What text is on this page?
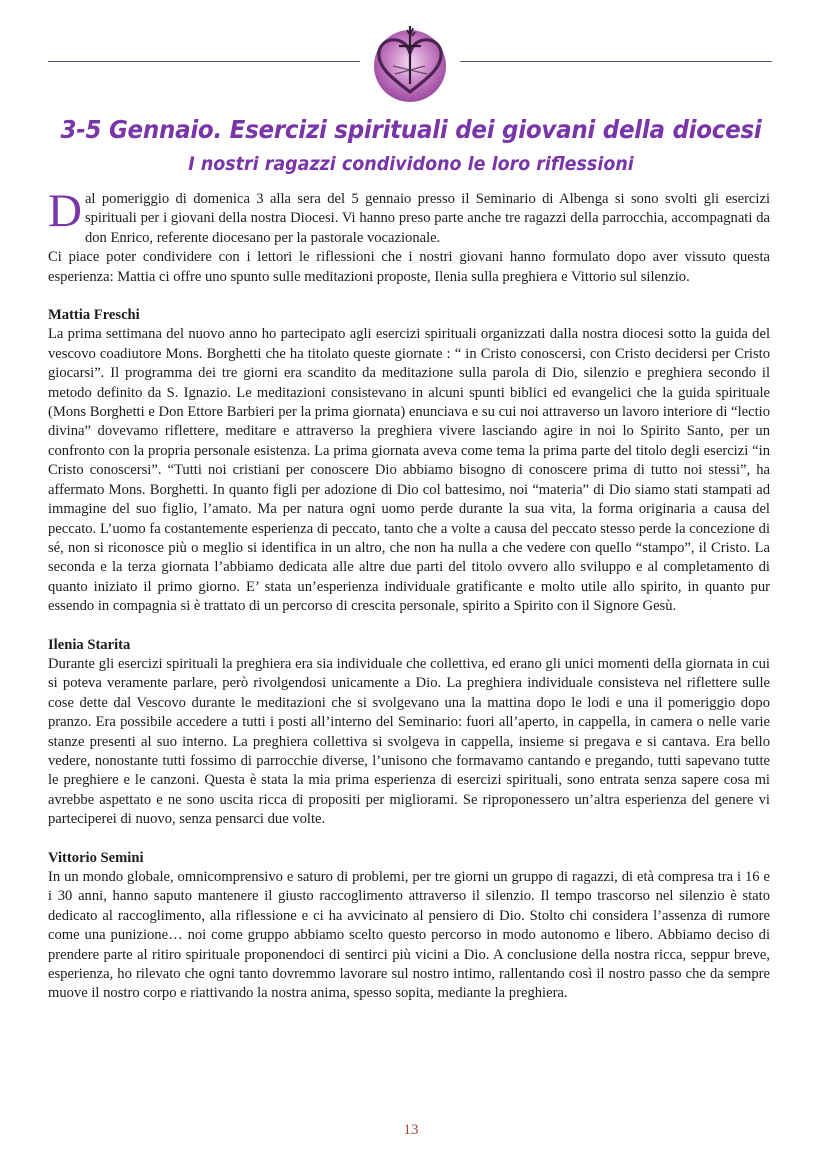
3-5 Gennaio. Esercizi spirituali dei giovani della diocesi
I nostri ragazzi condividono le loro riflessioni

Dal pomeriggio di domenica 3 alla sera del 5 gennaio presso il Seminario di Albenga si sono svolti gli esercizi spirituali per i giovani della nostra Diocesi. Vi hanno preso parte anche tre ragazzi della parrocchia, accompagnati da don Enrico, referente diocesano per la pastorale vocazionale.

Ci piace poter condividere con i lettori le riflessioni che i nostri giovani hanno formulato dopo aver vissuto questa esperienza: Mattia ci offre uno spunto sulle meditazioni proposte, Ilenia sulla preghiera e Vittorio sul silenzio.

Mattia Freschi

La prima settimana del nuovo anno ho partecipato agli esercizi spirituali organizzati dalla nostra diocesi sotto la guida del vescovo coadiutore Mons. Borghetti che ha titolato queste giornate : “ in Cristo conoscersi, con Cristo decidersi per Cristo giocarsi”. Il programma dei tre giorni era scandito da meditazione sulla parola di Dio, silenzio e preghiera secondo il metodo definito da S. Ignazio. Le meditazioni consistevano in alcuni spunti biblici ed evangelici che la guida spirituale (Mons Borghetti e Don Ettore Barbieri per la prima giornata) enunciava e su cui noi attraverso un lavoro interiore di “lectio divina” dovevamo riflettere, meditare e attraverso la preghiera vivere lasciando agire in noi lo Spirito Santo, per un confronto con la propria personale esistenza. La prima giornata aveva come tema la prima parte del titolo degli esercizi “in Cristo conoscersi”. “Tutti noi cristiani per conoscere Dio abbiamo bisogno di conoscere prima di tutto noi stessi”, ha affermato Mons. Borghetti. In quanto figli per adozione di Dio col battesimo, noi “materia” di Dio siamo stati stampati ad immagine del suo figlio, l’amato. Ma per natura ogni uomo perde durante la sua vita, la forma originaria a causa del peccato. L’uomo fa costantemente esperienza di peccato, tanto che a volte a causa del peccato stesso perde la concezione di sé, non si riconosce più o meglio si identifica in un altro, che non ha nulla a che vedere con quello “stampo”, il Cristo. La seconda e la terza giornata l’abbiamo dedicata alle altre due parti del titolo ovvero allo sviluppo e al completamento di quanto iniziato il primo giorno. E’ stata un’esperienza individuale gratificante e molto utile allo spirito, in quanto pur essendo in compagnia si è trattato di un percorso di crescita personale, spirito a Spirito con il Signore Gesù.

Ilenia Starita

Durante gli esercizi spirituali la preghiera era sia individuale che collettiva, ed erano gli unici momenti della giornata in cui si poteva veramente parlare, però rivolgendosi unicamente a Dio. La preghiera individuale consisteva nel riflettere sulle cose dette dal Vescovo durante le meditazioni che si svolgevano una la mattina dopo le lodi e una il pomeriggio dopo pranzo. Era possibile accedere a tutti i posti all’interno del Seminario: fuori all’aperto, in cappella, in camera o nelle varie stanze presenti al suo interno. La preghiera collettiva si svolgeva in cappella, insieme si pregava e si cantava. Era bello vedere, nonostante tutti fossimo di parrocchie diverse, l’unisono che formavamo cantando e pregando, tutti sapevano tutte le preghiere e le canzoni. Questa è stata la mia prima esperienza di esercizi spirituali, sono entrata senza sapere cosa mi avrebbe aspettato e ne sono uscita ricca di propositi per migliorami. Se riproponessero un’altra esperienza del genere vi parteciperei di nuovo, senza pensarci due volte.

Vittorio Semini

In un mondo globale, omnicomprensivo e saturo di problemi, per tre giorni un gruppo di ragazzi, di età compresa tra i 16 e i 30 anni, hanno saputo mantenere il giusto raccoglimento attraverso il silenzio. Il tempo trascorso nel silenzio è stato dedicato al raccoglimento, alla riflessione e ci ha avvicinato al pensiero di Dio. Stolto chi considera l’assenza di rumore come una punizione… noi come gruppo abbiamo scelto questo percorso in modo autonomo e libero. Abbiamo deciso di prendere parte al ritiro spirituale proponendoci di sentirci più vicini a Dio. A conclusione della nostra ricca, seppur breve, esperienza, ho rilevato che ogni tanto dovremmo lavorare sul nostro intimo, rallentando così il nostro passo che da sempre muove il nostro corpo e riattivando la nostra anima, spesso sopita, mediante la preghiera.

13
